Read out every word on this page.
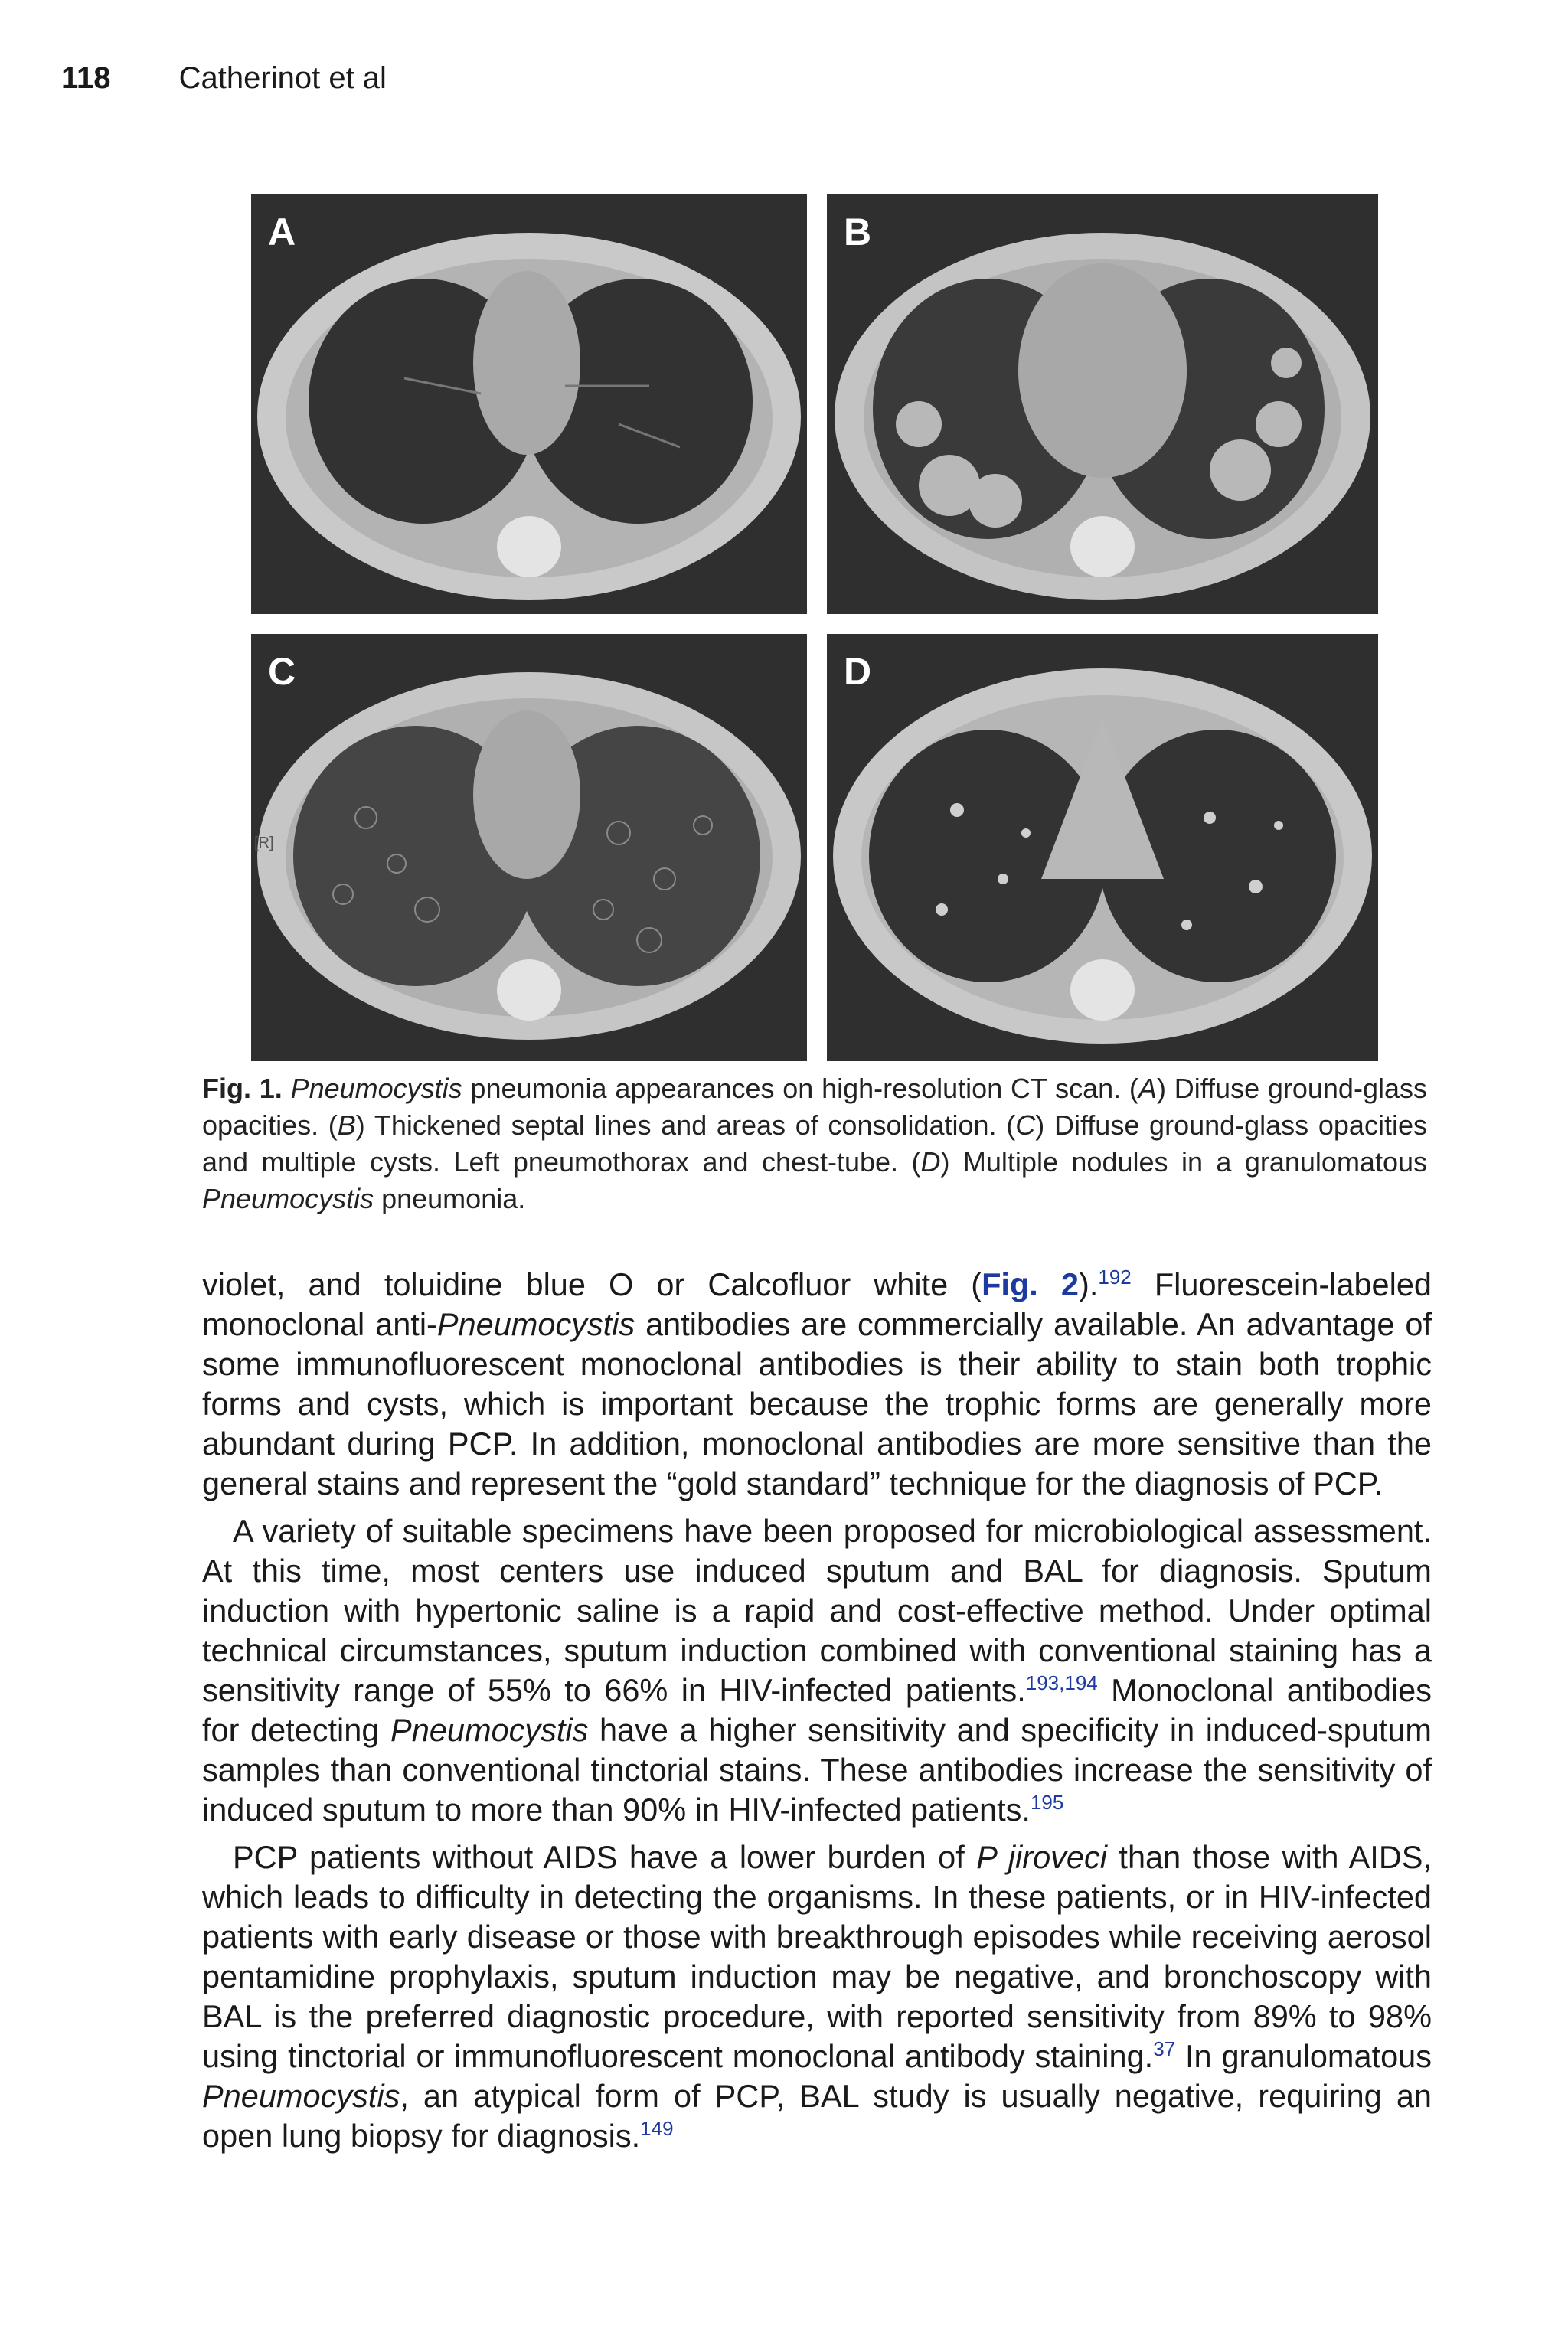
118 Catherinot et al
A	B
C
[R]
D
Fig. 1. Pneumocystis pneumonia appearances on high-resolution CT scan. (A) Diffuse ground-glass opacities. (B) Thickened septal lines and areas of consolidation. (C) Diffuse ground-glass opacities and multiple cysts. Left pneumothorax and chest-tube. (D) Multiple nodules in a granulomatous Pneumocystis pneumonia.

violet, and toluidine blue O or Calcofluor white (Fig. 2).$^{192}$ Fluorescein-labeled monoclonal anti-Pneumocystis antibodies are commercially available. An advantage of some immunofluorescent monoclonal antibodies is their ability to stain both trophic forms and cysts, which is important because the trophic forms are generally more abundant during PCP. In addition, monoclonal antibodies are more sensitive than the general stains and represent the “gold standard” technique for the diagnosis of PCP.

A variety of suitable specimens have been proposed for microbiological assessment. At this time, most centers use induced sputum and BAL for diagnosis. Sputum induction with hypertonic saline is a rapid and cost-effective method. Under optimal technical circumstances, sputum induction combined with conventional staining has a sensitivity range of 55% to 66% in HIV-infected patients.$^{193,194}$ Monoclonal antibodies for detecting Pneumocystis have a higher sensitivity and specificity in induced-sputum samples than conventional tinctorial stains. These antibodies increase the sensitivity of induced sputum to more than 90% in HIV-infected patients.$^{195}$

PCP patients without AIDS have a lower burden of P jiroveci than those with AIDS, which leads to difficulty in detecting the organisms. In these patients, or in HIV-infected patients with early disease or those with breakthrough episodes while receiving aerosol pentamidine prophylaxis, sputum induction may be negative, and bronchoscopy with BAL is the preferred diagnostic procedure, with reported sensitivity from 89% to 98% using tinctorial or immunofluorescent monoclonal antibody staining.$^{37}$ In granulomatous Pneumocystis, an atypical form of PCP, BAL study is usually negative, requiring an open lung biopsy for diagnosis.$^{149}$
